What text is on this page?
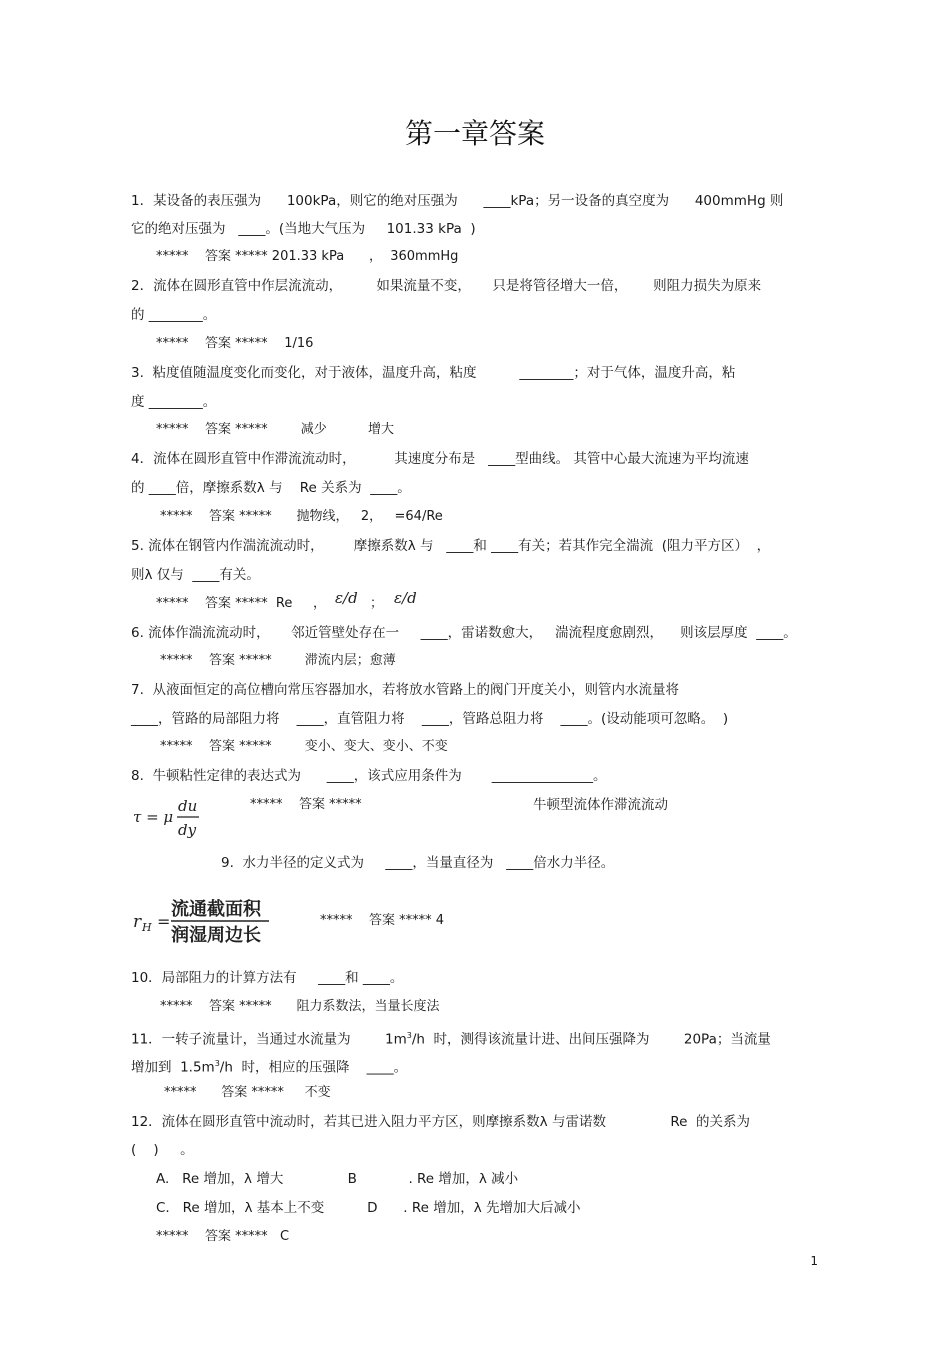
第一章答案
1．某设备的表压强为      100kPa，则它的绝对压强为      ____kPa；另一设备的真空度为      400mmHg 则
它的绝对压强为   ____。(当地大气压为     101.33 kPa  )
*****    答案 ***** 201.33 kPa      ，  360mmHg
2．流体在圆形直管中作层流流动，        如果流量不变，     只是将管径增大一倍，      则阻力损失为原来
的 ________。
*****    答案 *****    1/16
3.  粘度值随温度变化而变化，对于液体，温度升高，粘度          ________；对于气体，温度升高，粘
度 ________。
*****    答案 *****        减少          增大
4．流体在圆形直管中作滞流流动时，         其速度分布是   ____型曲线。 其管中心最大流速为平均流速
的 ____倍，摩擦系数λ 与    Re 关系为  ____。
*****    答案 *****      抛物线，   2，   =64/Re
5. 流体在钢管内作湍流流动时，       摩擦系数λ 与   ____和 ____有关；若其作完全湍流  (阻力平方区）  ，
则λ 仅与  ____有关。
*****    答案 *****  Re     ， ε/d ； ε/d
6. 流体作湍流流动时，     邻近管壁处存在一     ____，雷诺数愈大，   湍流程度愈剧烈，    则该层厚度  ____。
*****    答案 *****        滞流内层；愈薄
7.  从液面恒定的高位槽向常压容器加水，若将放水管路上的阀门开度关小，则管内水流量将
____，管路的局部阻力将    ____，直管阻力将    ____，管路总阻力将    ____。(设动能项可忽略。  )
*****    答案 *****        变小、变大、变小、不变
8.  牛顿粘性定律的表达式为      ____，该式应用条件为       _______________。
τ = μ
du
dy
*****    答案 *****	牛顿型流体作滞流流动
9.  水力半径的定义式为     ____，当量直径为   ____倍水力半径。
r H =
流通截面积
润湿周边长
*****    答案 ***** 4
10．局部阻力的计算方法有     ____和 ____。
*****    答案 *****      阻力系数法，当量长度法
11．一转子流量计，当通过水流量为        $1m^3/h$  时，测得该流量计进、出间压强降为        20Pa；当流量
增加到  $1.5m^3/h$  时，相应的压强降    ____。
*****      答案 *****     不变
12．流体在圆形直管中流动时，若其已进入阻力平方区，则摩擦系数λ 与雷诺数               Re  的关系为
(    )     。
A.   Re 增加，λ 增大               B            . Re 增加，λ 减小
C.   Re 增加，λ 基本上不变          D      . Re 增加，λ 先增加大后减小
*****    答案 *****   C
1
